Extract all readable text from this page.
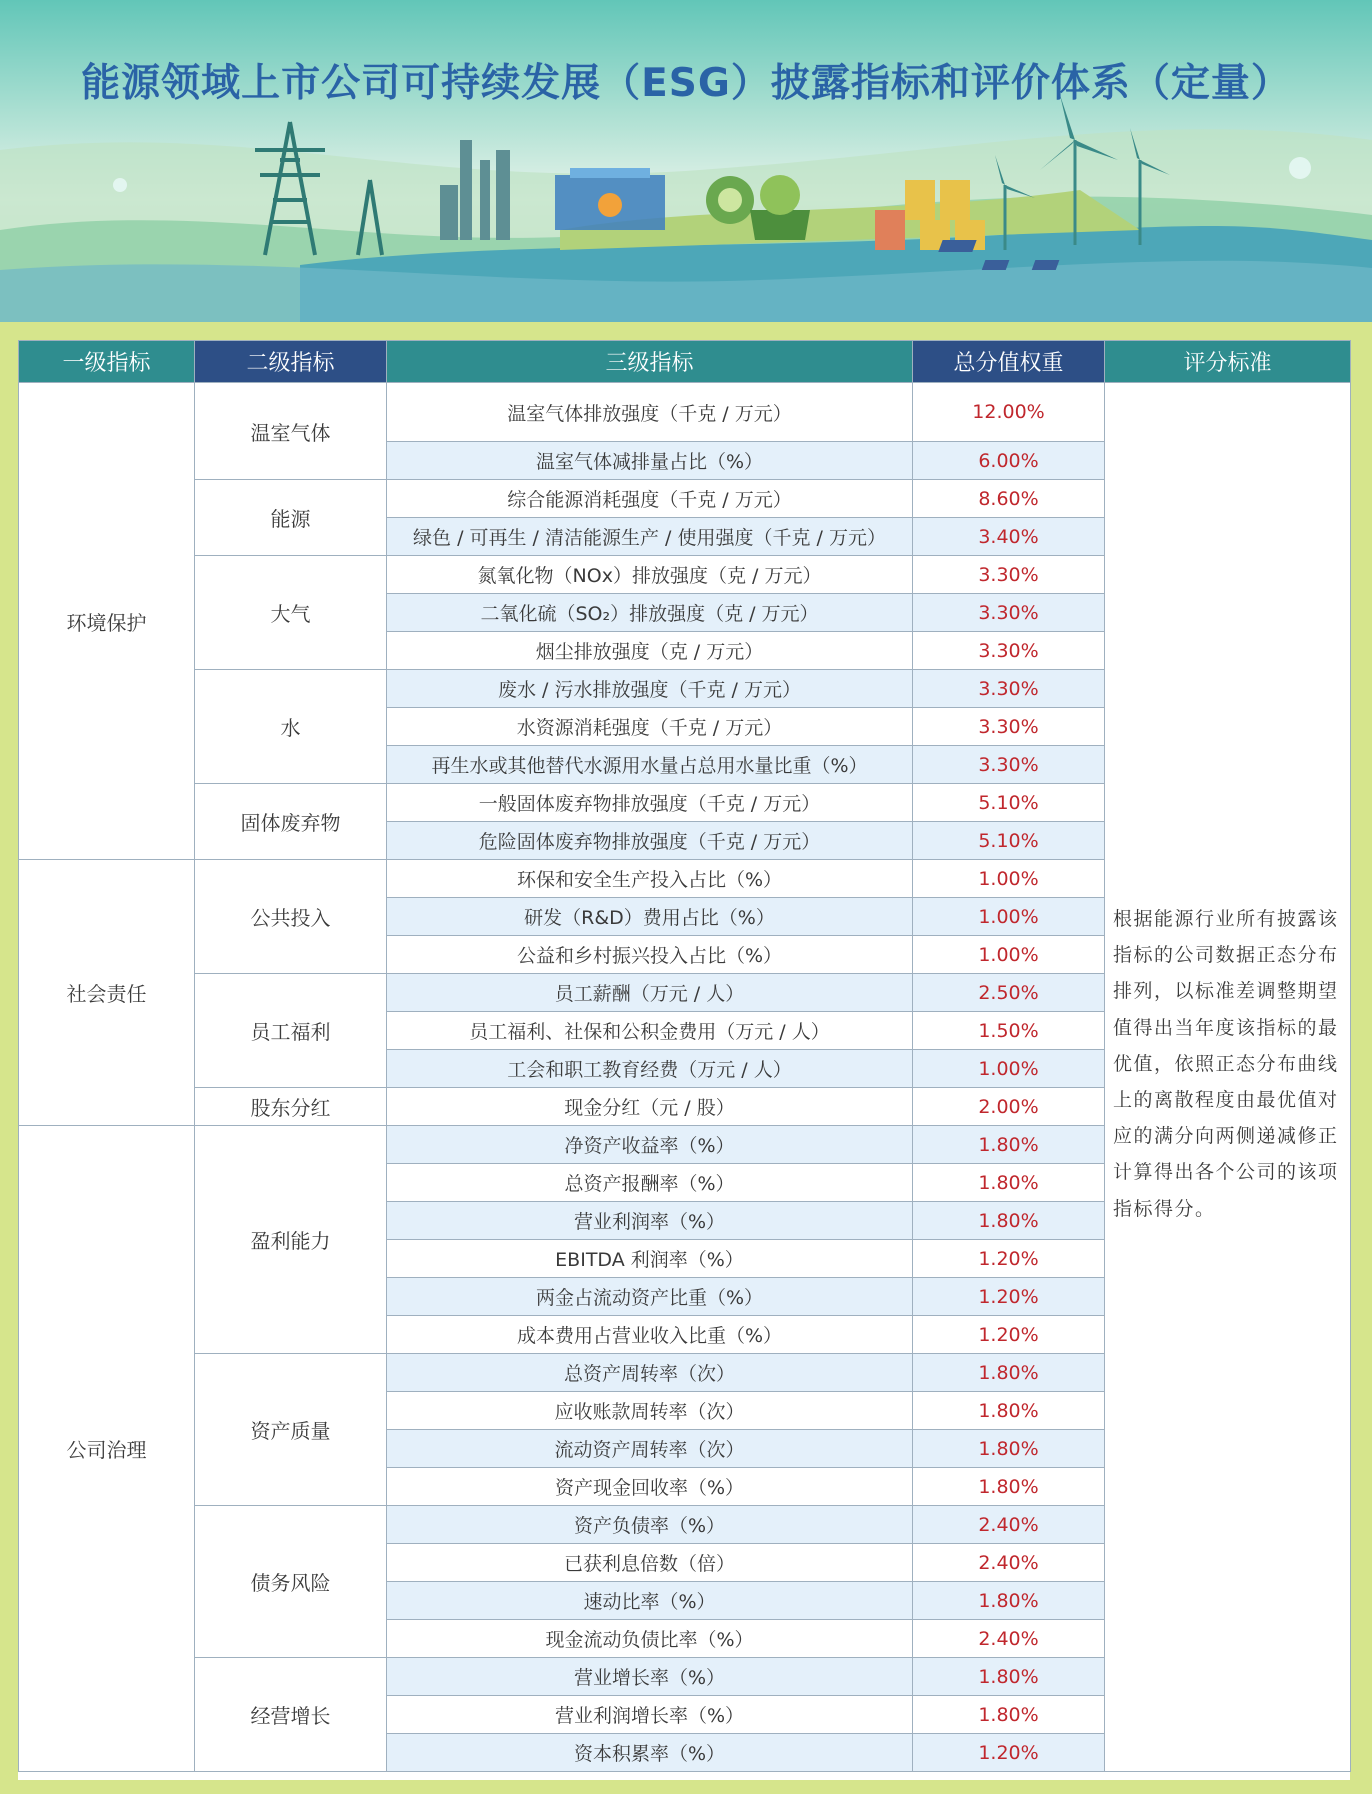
能源领域上市公司可持续发展（ESG）披露指标和评价体系（定量）
一级指标	二级指标	三级指标	总分值权重	评分标准
环境保护	温室气体	温室气体排放强度（千克 / 万元）	12.00%	根据能源行业所有披露该指标的公司数据正态分布排列，以标准差调整期望值得出当年度该指标的最优值，依照正态分布曲线上的离散程度由最优值对应的满分向两侧递减修正计算得出各个公司的该项指标得分。
		温室气体减排量占比（%）	6.00%	
	能源	综合能源消耗强度（千克 / 万元）	8.60%	
		绿色 / 可再生 / 清洁能源生产 / 使用强度（千克 / 万元）	3.40%	
	大气	氮氧化物（NOx）排放强度（克 / 万元）	3.30%	
		二氧化硫（SO₂）排放强度（克 / 万元）	3.30%	
		烟尘排放强度（克 / 万元）	3.30%	
	水	废水 / 污水排放强度（千克 / 万元）	3.30%	
		水资源消耗强度（千克 / 万元）	3.30%	
		再生水或其他替代水源用水量占总用水量比重（%）	3.30%	
	固体废弃物	一般固体废弃物排放强度（千克 / 万元）	5.10%	
		危险固体废弃物排放强度（千克 / 万元）	5.10%	
社会责任	公共投入	环保和安全生产投入占比（%）	1.00%	
		研发（R&D）费用占比（%）	1.00%	
		公益和乡村振兴投入占比（%）	1.00%	
	员工福利	员工薪酬（万元 / 人）	2.50%	
		员工福利、社保和公积金费用（万元 / 人）	1.50%	
		工会和职工教育经费（万元 / 人）	1.00%	
	股东分红	现金分红（元 / 股）	2.00%	
公司治理	盈利能力	净资产收益率（%）	1.80%	
		总资产报酬率（%）	1.80%	
		营业利润率（%）	1.80%	
		EBITDA 利润率（%）	1.20%	
		两金占流动资产比重（%）	1.20%	
		成本费用占营业收入比重（%）	1.20%	
	资产质量	总资产周转率（次）	1.80%	
		应收账款周转率（次）	1.80%	
		流动资产周转率（次）	1.80%	
		资产现金回收率（%）	1.80%	
	债务风险	资产负债率（%）	2.40%	
		已获利息倍数（倍）	2.40%	
		速动比率（%）	1.80%	
		现金流动负债比率（%）	2.40%	
	经营增长	营业增长率（%）	1.80%	
		营业利润增长率（%）	1.80%	
		资本积累率（%）	1.20%	
